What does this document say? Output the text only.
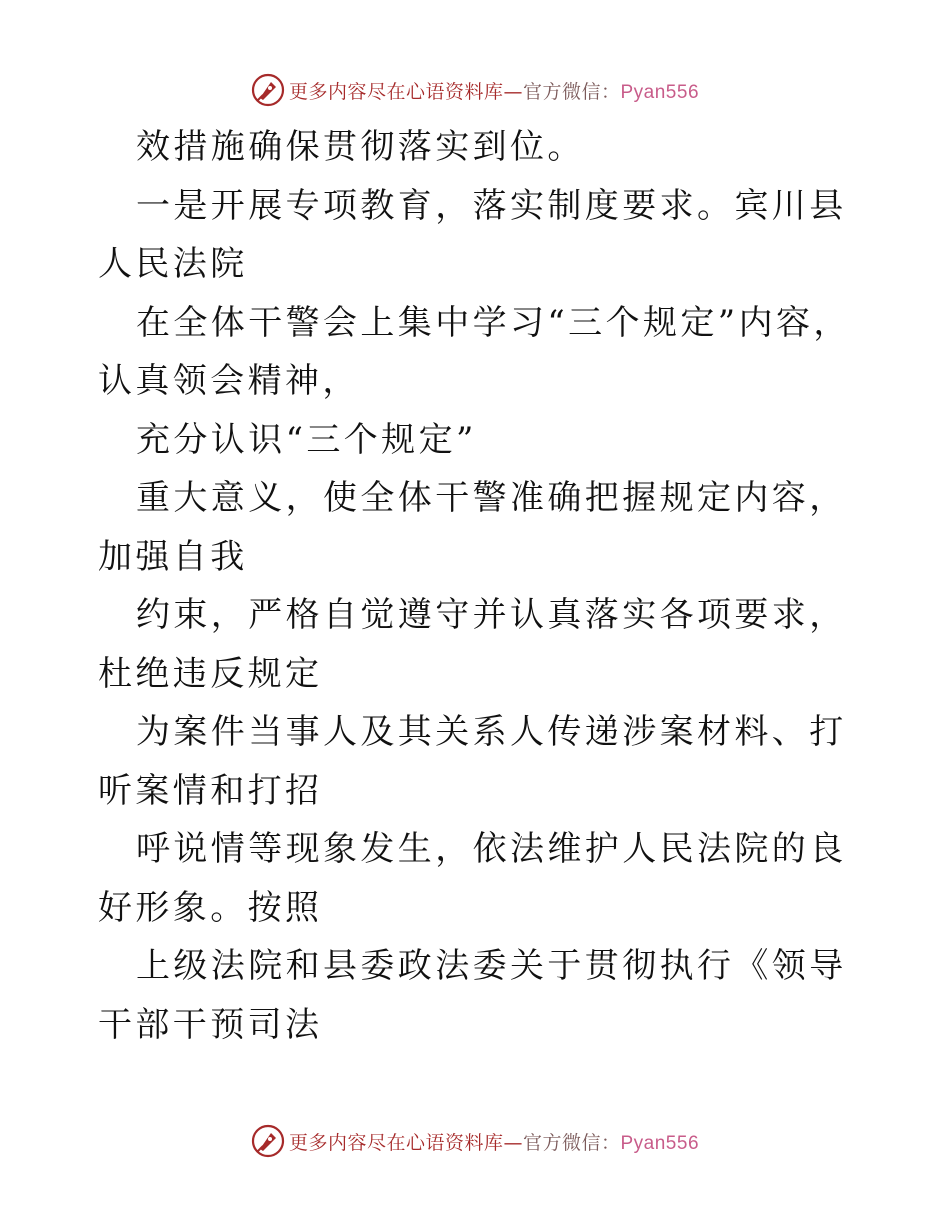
更多内容尽在心语资料库—官方微信：Pyan556

效措施确保贯彻落实到位。

一是开展专项教育，落实制度要求。宾川县人民法院

在全体干警会上集中学习“三个规定”内容，认真领会精神，

充分认识“三个规定”

重大意义，使全体干警准确把握规定内容，加强自我

约束，严格自觉遵守并认真落实各项要求，杜绝违反规定

为案件当事人及其关系人传递涉案材料、打听案情和打招

呼说情等现象发生，依法维护人民法院的良好形象。按照

上级法院和县委政法委关于贯彻执行《领导干部干预司法

更多内容尽在心语资料库—官方微信：Pyan556
